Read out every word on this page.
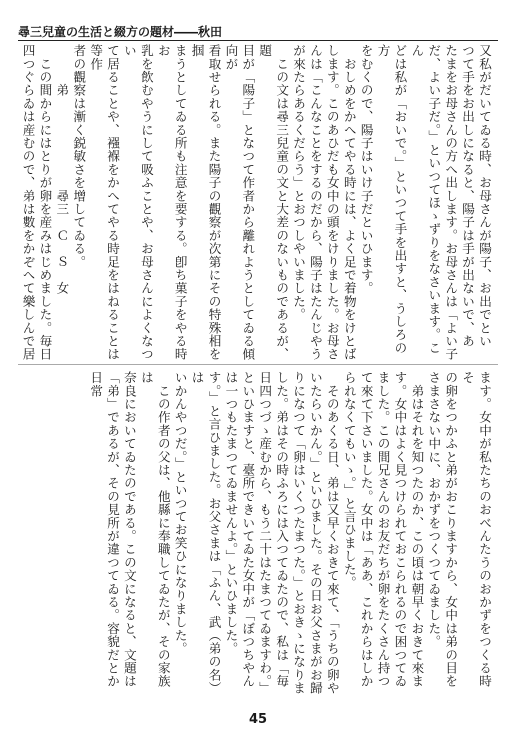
尋三兒童の生活と綴方の題材――秋田
又私がだいてゐる時、お母さんが陽子、お出でとい
つて手をお出しになると、陽子は手が出ないで、あ
たまをお母さんの方へ出します。お母さんは「よい子
だ、よい子だ。」といつてほゝずりをなさいます。こん
どは私が「おいで。」といつて手を出すと、うしろの方
をむくので、陽子はいけ子だといひます。
　おしめをかへてやる時には、よく足で着物をけとば
します。このあひだも女中の頭をけりました。お母さ
んは「こんなことをするのだから、陽子はたんじやう
が來たらあるくだらう」とおつしやいました。
　この文は尋三兒童の文と大差のないものであるが、題
目が「陽子」となつて作者から離れようとしてゐる傾向が
看取せられる。また陽子の觀察が次第にその特殊相を掴
まうとしてゐる所も注意を要する。卽ち菓子をやる時お
乳を飲むやうにして吸ふことや、お母さんによくなつい
て居ることや、襁褓をかへてやる時足をはねることは等作
者の觀察は漸く鋭敏さを增してゐる。
　　　弟　　　　　　　尋三　Ｃ　Ｓ　女
　この間からにはとりが卵を産みはじめました。毎日
四つぐらゐは産むので、弟は數をかぞへて樂しんで居
ます。女中が私たちのおべんたうのおかずをつくる時そ
の卵をつかふと弟がおこりますから、女中は弟の目を
さまさない中に、おかずをつくつてゐました。
　弟はそれを知つたのか、この頃は朝早くおきて來ま
す。女中はよく見つけられておこられるので困つてゐ
ました。この間兄さんのお友だちが卵をたくさん持つ
て來て下さいました。女中は「ああ、これからはしか
られなくてもいゝ。」と言ひました。
　そのあくる日、弟は又早くおきて來て、「うちの卵や
いたらいかん。」といひました。その日お父さまがお歸
りになつて「卵はいくつたまつた。」とおきゝになりま
した。弟はその時ふろには入つてゐたので、私は「毎
日四つづゝ産むから、もう二十はたまつてゐますわ。」
といひますと、臺所できいてゐた女中が「ぼつちやん
は一つもたまつてゐませんよ。」といひました。
す。」と言ひました。お父さまは「ふん、武（弟の名）は
いかんやつだ。」といつてお笑ひになりました。
　この作者の父は、他縣に奉職してゐたが、その家族は
奈良においてゐたのである。この文になると、文題は
「弟」であるが、その見所が違つてゐる。容貌だとか日常
45
